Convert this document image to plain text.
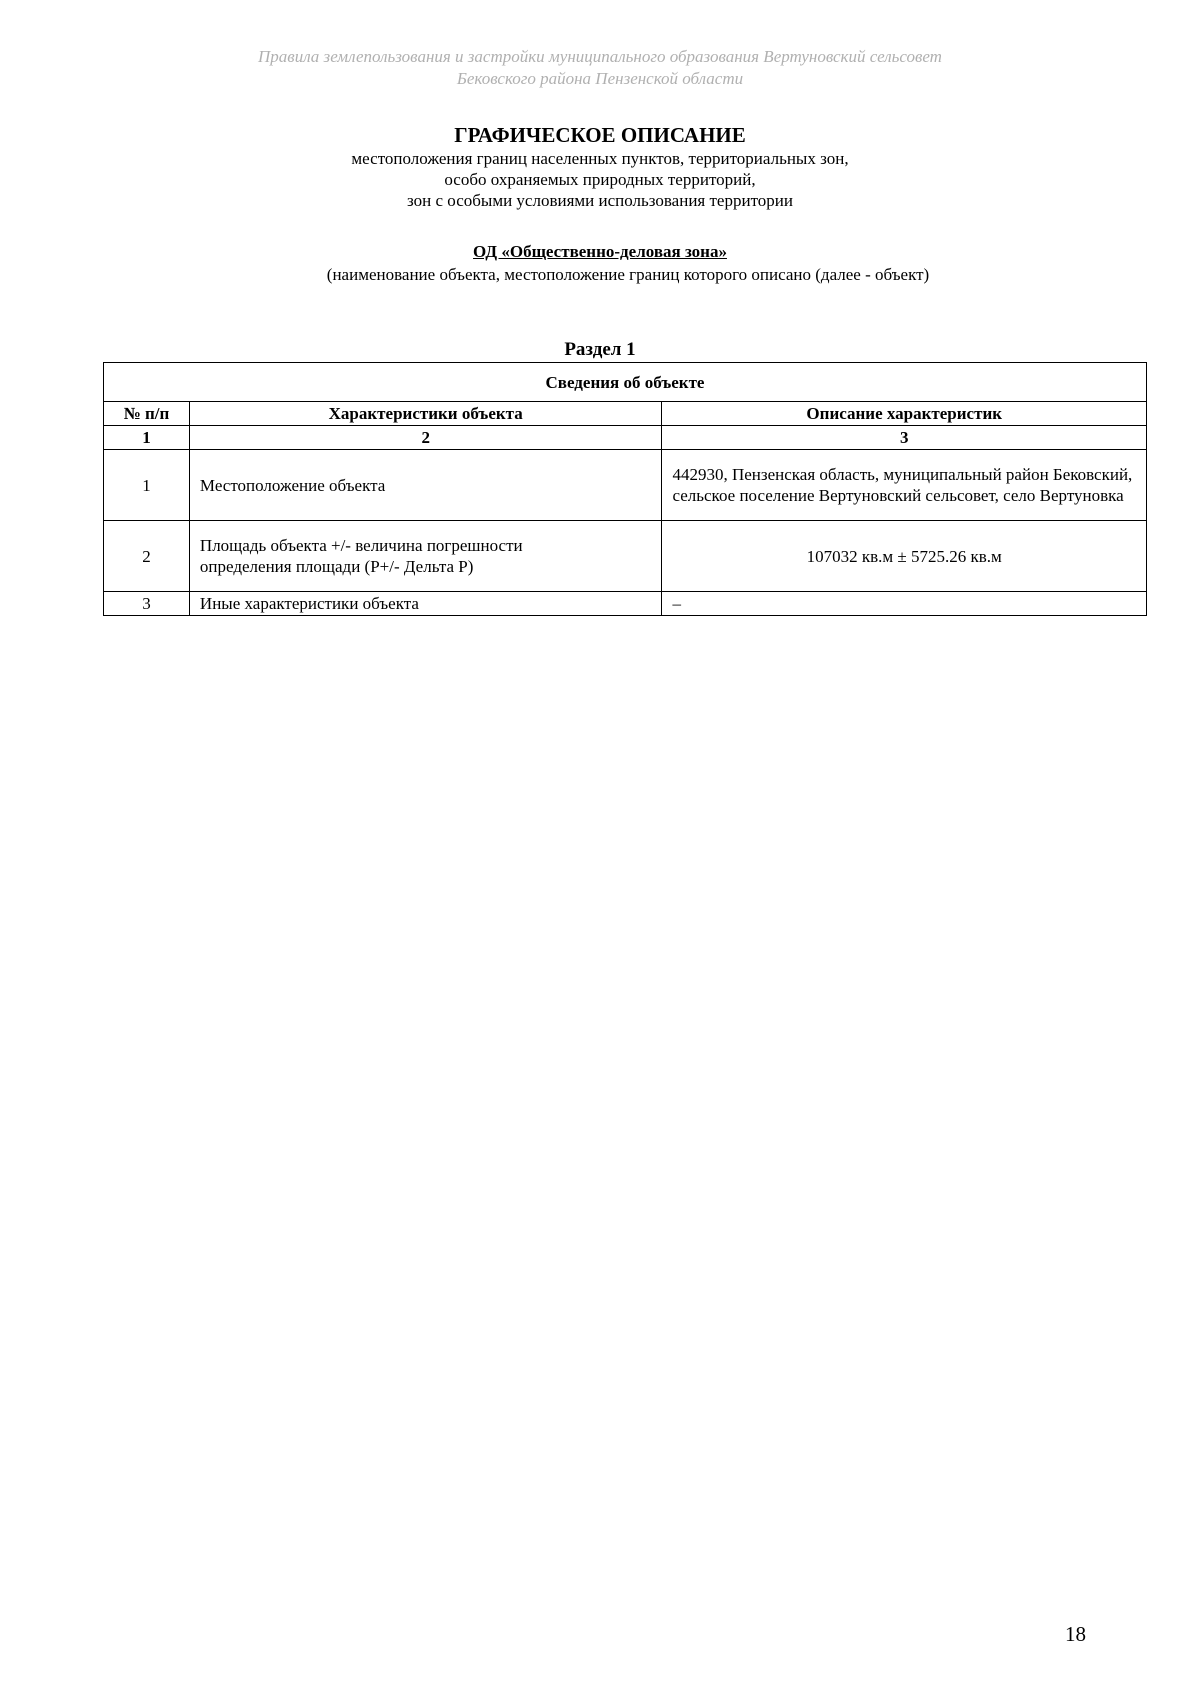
Правила землепользования и застройки муниципального образования Вертуновский сельсовет
Бековского района Пензенской области
ГРАФИЧЕСКОЕ ОПИСАНИЕ
местоположения границ населенных пунктов, территориальных зон,
особо охраняемых природных территорий,
зон с особыми условиями использования территории
ОД «Общественно-деловая зона»
(наименование объекта, местоположение границ которого описано (далее - объект)
Раздел 1
Сведения об объекте		
№ п/п	Характеристики объекта	Описание характеристик
1	2	3
1	Местоположение объекта	442930, Пензенская область, муниципальный район Бековский, сельское поселение Вертуновский сельсовет, село Вертуновка
2	Площадь объекта +/- величина погрешности определения площади (P+/- Дельта P)	107032 кв.м ± 5725.26 кв.м
3	Иные характеристики объекта	–
18
